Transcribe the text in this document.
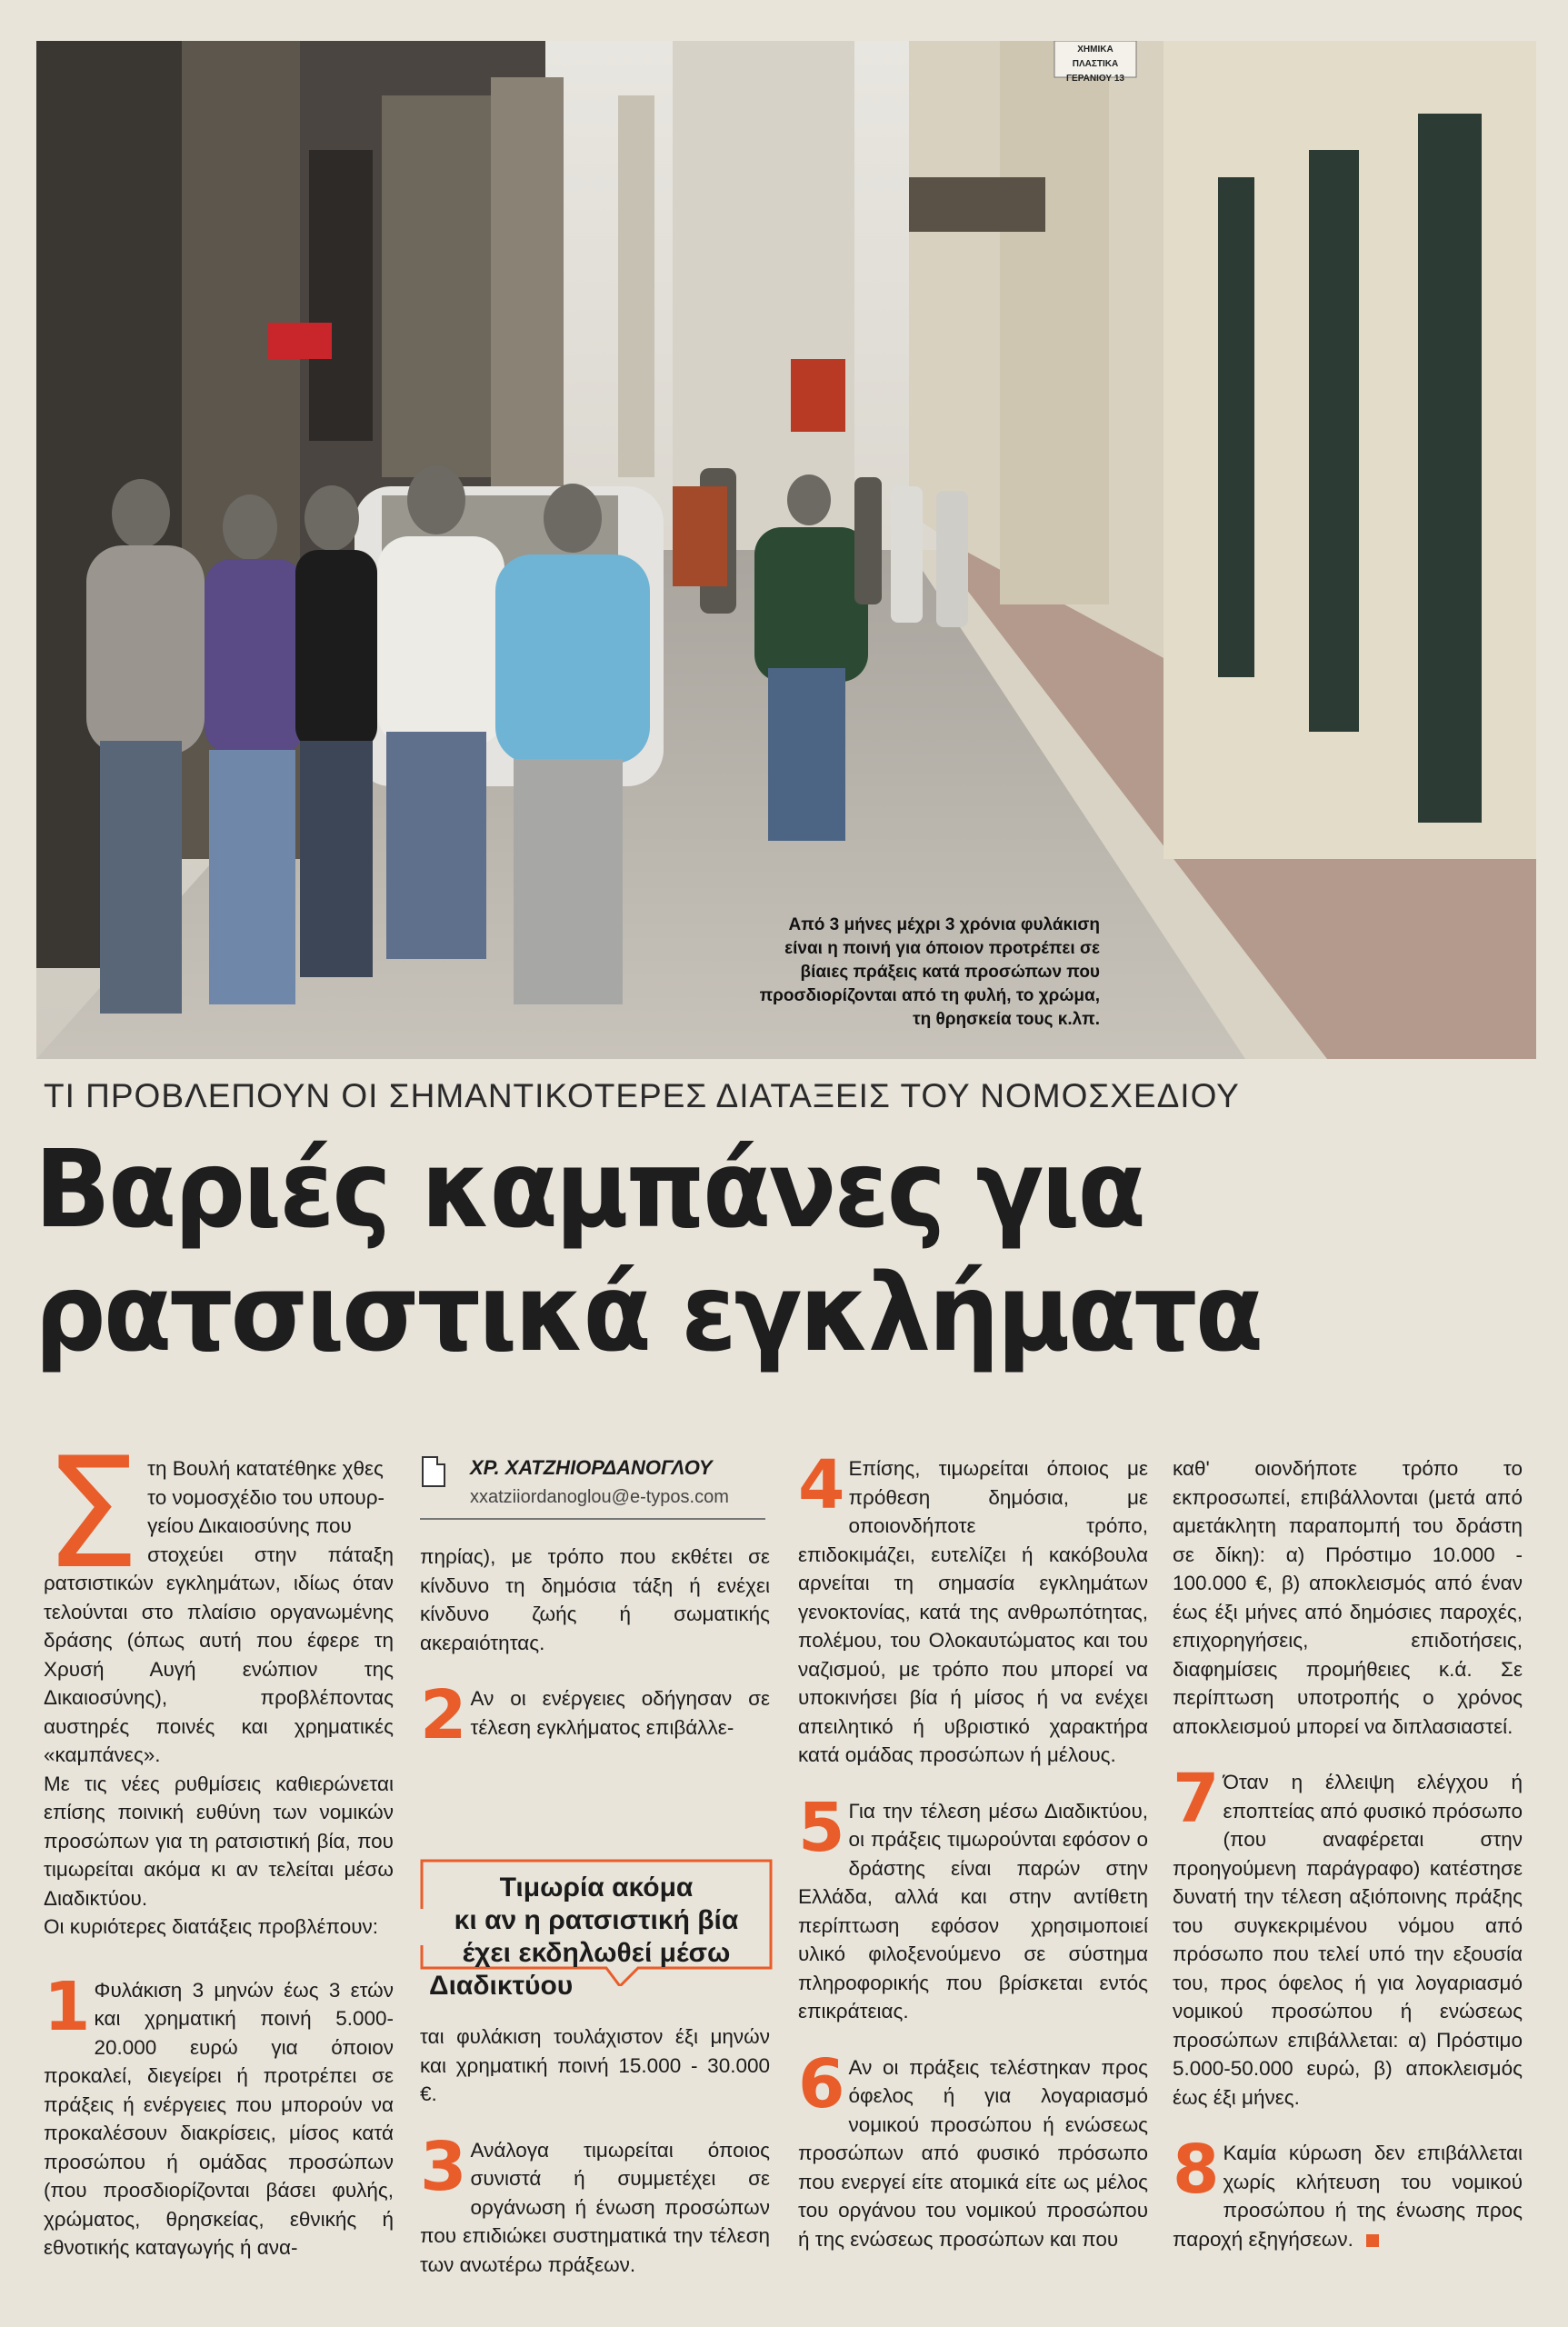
Από 3 μήνες μέχρι 3 χρόνια φυλάκιση
είναι η ποινή για όποιον προτρέπει σε
βίαιες πράξεις κατά προσώπων που
προσδιορίζονται από τη φυλή, το χρώμα,
τη θρησκεία τους κ.λπ.
ΧΗΜΙΚΑ ΠΛΑΣΤΙΚΑ
ΓΕΡΑΝΙΟΥ 13
ΤΙ ΠΡΟΒΛΕΠΟΥΝ ΟΙ ΣΗΜΑΝΤΙΚΟΤΕΡΕΣ ΔΙΑΤΑΞΕΙΣ ΤΟΥ ΝΟΜΟΣΧΕΔΙΟΥ
Βαριές καμπάνες για
ρατσιστικά εγκλήματα

Σ τη Βουλή κατατέθηκε χθες
το νομοσχέδιο του υπουρ-
γείου Δικαιοσύνης που
στοχεύει στην πάταξη ρατσιστικών εγκλημάτων, ιδίως όταν τελούνται στο πλαίσιο οργανωμένης δράσης (όπως αυτή που έφερε τη Χρυσή Αυγή ενώπιον της Δικαιοσύνης), προβλέποντας αυστηρές ποινές και χρηματικές «καμπάνες».

Με τις νέες ρυθμίσεις καθιερώνεται επίσης ποινική ευθύνη των νομικών προσώπων για τη ρατσιστική βία, που τιμωρείται ακόμα κι αν τελείται μέσω Διαδικτύου.

Οι κυριότερες διατάξεις προβλέπουν:

1 Φυλάκιση 3 μηνών έως 3 ετών και χρηματική ποινή 5.000-20.000 ευρώ για όποιον προκαλεί, διεγείρει ή προτρέπει σε πράξεις ή ενέργειες που μπορούν να προκαλέσουν διακρίσεις, μίσος κατά προσώπου ή ομάδας προσώπων (που προσδιορίζονται βάσει φυλής, χρώματος, θρησκείας, εθνικής ή εθνοτικής καταγωγής ή ανα-

ΧΡ. ΧΑΤΖΗΙΟΡΔΑΝΟΓΛΟΥ
xxatziiordanoglou@e-typos.com

πηρίας), με τρόπο που εκθέτει σε κίνδυνο τη δημόσια τάξη ή ενέχει κίνδυνο ζωής ή σωματικής ακεραιότητας.

2 Αν οι ενέργειες οδήγησαν σε τέλεση εγκλήματος επιβάλλε-

Τιμωρία ακόμα
κι αν η ρατσιστική βία
έχει εκδηλωθεί μέσω
Διαδικτύου

ται φυλάκιση τουλάχιστον έξι μηνών και χρηματική ποινή 15.000 - 30.000 €.

3 Ανάλογα τιμωρείται όποιος συνιστά ή συμμετέχει σε οργάνωση ή ένωση προσώπων που επιδιώκει συστηματικά την τέλεση των ανωτέρω πράξεων.

4 Επίσης, τιμωρείται όποιος με πρόθεση δημόσια, με οποιονδήποτε τρόπο, επιδοκιμάζει, ευτελίζει ή κακόβουλα αρνείται τη σημασία εγκλημάτων γενοκτονίας, κατά της ανθρωπότητας, πολέμου, του Ολοκαυτώματος και του ναζισμού, με τρόπο που μπορεί να υποκινήσει βία ή μίσος ή να ενέχει απειλητικό ή υβριστικό χαρακτήρα κατά ομάδας προσώπων ή μέλους.

5 Για την τέλεση μέσω Διαδικτύου, οι πράξεις τιμωρούνται εφόσον ο δράστης είναι παρών στην Ελλάδα, αλλά και στην αντίθετη περίπτωση εφόσον χρησιμοποιεί υλικό φιλοξενούμενο σε σύστημα πληροφορικής που βρίσκεται εντός επικράτειας.

6 Αν οι πράξεις τελέστηκαν προς όφελος ή για λογαριασμό νομικού προσώπου ή ενώσεως προσώπων από φυσικό πρόσωπο που ενεργεί είτε ατομικά είτε ως μέλος του οργάνου του νομικού προσώπου ή της ενώσεως προσώπων και που

καθ' οιονδήποτε τρόπο το εκπροσωπεί, επιβάλλονται (μετά από αμετάκλητη παραπομπή του δράστη σε δίκη): α) Πρόστιμο 10.000 - 100.000 €, β) αποκλεισμός από έναν έως έξι μήνες από δημόσιες παροχές, επιχορηγήσεις, επιδοτήσεις, διαφημίσεις προμήθειες κ.ά. Σε περίπτωση υποτροπής ο χρόνος αποκλεισμού μπορεί να διπλασιαστεί.

7 Όταν η έλλειψη ελέγχου ή εποπτείας από φυσικό πρόσωπο (που αναφέρεται στην προηγούμενη παράγραφο) κατέστησε δυνατή την τέλεση αξιόποινης πράξης του συγκεκριμένου νόμου από πρόσωπο που τελεί υπό την εξουσία του, προς όφελος ή για λογαριασμό νομικού προσώπου ή ενώσεως προσώπων επιβάλλεται: α) Πρόστιμο 5.000-50.000 ευρώ, β) αποκλεισμός έως έξι μήνες.

8 Καμία κύρωση δεν επιβάλλεται χωρίς κλήτευση του νομικού προσώπου ή της ένωσης προς παροχή εξηγήσεων.
